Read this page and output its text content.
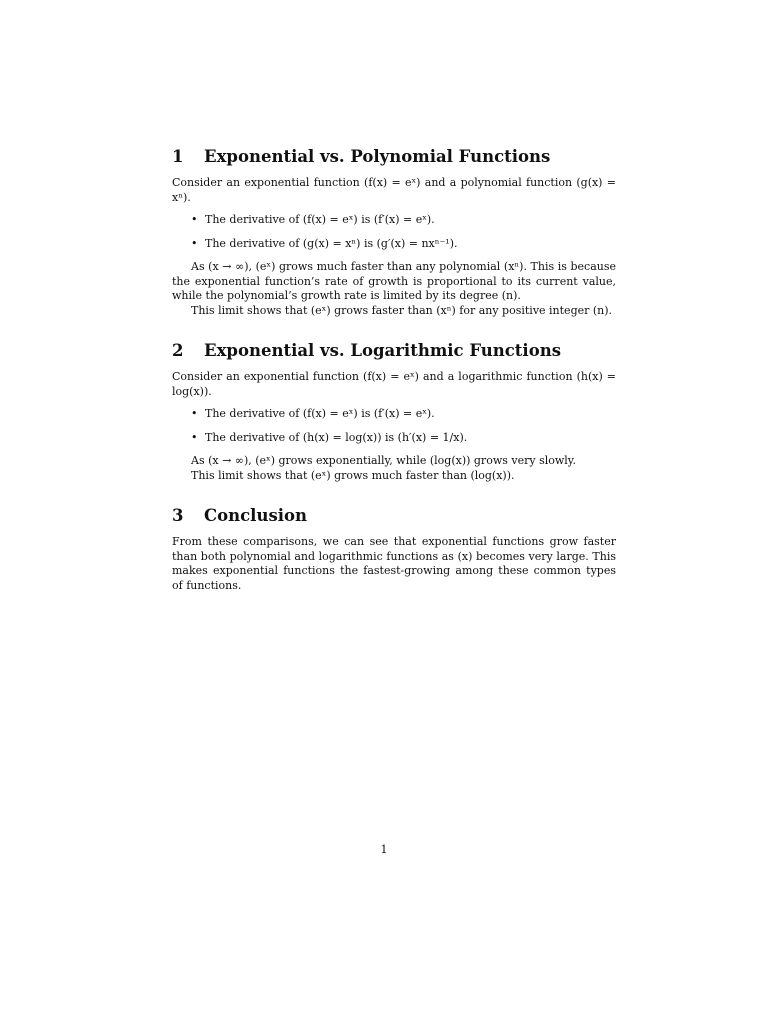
1	Exponential vs. Polynomial Functions

Consider an exponential function (f(x) = eˣ) and a polynomial function (g(x) = xⁿ).

• The derivative of (f(x) = eˣ) is (f′(x) = eˣ).
• The derivative of (g(x) = xⁿ) is (g′(x) = nxⁿ⁻¹).

As (x → ∞), (eˣ) grows much faster than any polynomial (xⁿ). This is because the exponential function’s rate of growth is proportional to its current value, while the polynomial’s growth rate is limited by its degree (n).

This limit shows that (eˣ) grows faster than (xⁿ) for any positive integer (n).

2	Exponential vs. Logarithmic Functions

Consider an exponential function (f(x) = eˣ) and a logarithmic function (h(x) = log(x)).

• The derivative of (f(x) = eˣ) is (f′(x) = eˣ).
• The derivative of (h(x) = log(x)) is (h′(x) = 1/x).

As (x → ∞), (eˣ) grows exponentially, while (log(x)) grows very slowly.

This limit shows that (eˣ) grows much faster than (log(x)).

3	Conclusion

From these comparisons, we can see that exponential functions grow faster than both polynomial and logarithmic functions as (x) becomes very large. This makes exponential functions the fastest-growing among these common types of functions.

1
